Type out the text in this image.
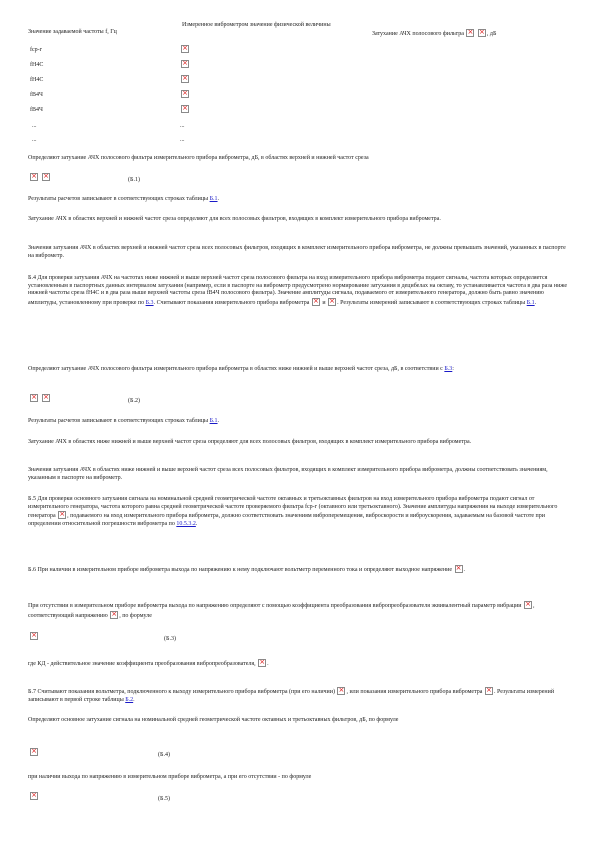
Значение задаваемой частоты f, Гц
Измеренное виброметром значение физической величины
Затухание АЧХ полосового фильтра × ×	, дБ
fср-г
fН4С
fН4С
fВ4Ч
fВ4Ч
...
...
×
×
×
×
×
...
...
Определяют затухание АЧХ полосового фильтра измерительного прибора виброметра, дБ, в областях верхней и нижней частот среза
×
×
(Б.1)
Результаты расчетов записывают в соответствующих строках таблицы Б.1.
Затухание АЧХ в областях верхней и нижней частот среза определяют для всех полосовых фильтров, входящих в комплект измерительного прибора виброметра.
Значения затухания АЧХ в областях верхней и нижней частот среза всех полосовых фильтров, входящих в комплект измерительного прибора виброметра, не должны превышать значений, указанных в паспорте на виброметр.
Б.4 Для проверки затухания АЧХ на частотах ниже нижней и выше верхней частот среза полосового фильтра на вход измерительного прибора виброметра подают сигналы, частота которых определяется установленным в паспортных данных интервалом затухания (например, если в паспорте на виброметр предусмотрено нормирование затухания в децибелах на октаву, то устанавливается частота в два раза ниже нижней частоты среза fН4С и в два раза выше верхней частоты среза fВ4Ч полосового фильтра). Значение амплитуды сигнала, подаваемого от измерительного генератора, должно быть равно значению амплитуды, установленному при проверке по Б.3. Считывают показания измерительного прибора виброметра × и ×. Результаты измерений записывают в соответствующих строках таблицы Б.1.
Определяют затухание АЧХ полосового фильтра измерительного прибора виброметра в областях ниже нижней и выше верхней частот среза, дБ, в соответствии с Б.3:
×
×
(Б.2)
Результаты расчетов записывают в соответствующих строках таблицы Б.1.
Затухание АЧХ в областях ниже нижней и выше верхней частот среза определяют для всех полосовых фильтров, входящих в комплект измерительного прибора виброметра.
Значения затухания АЧХ в областях ниже нижней и выше верхней частот среза всех полосовых фильтров, входящих в комплект измерительного прибора виброметра, должны соответствовать значениям, указанным в паспорте на виброметр.
Б.5 Для проверки основного затухания сигнала на номинальной средней геометрической частоте октавных и третьоктавных фильтров на вход измерительного прибора виброметра подают сигнал от измерительного генератора, частота которого равна средней геометрической частоте проверяемого фильтра fср-г (октавного или третьоктавного). Значение амплитуды напряжения на выходе измерительного генератора ×, подаваемого на вход измерительного прибора виброметра, должно соответствовать значениям виброперемещения, виброскорости и виброускорения, задаваемым на базовой частоте при определении относительной погрешности виброметра по 10.5.3.2.
Б.6 При наличии в измерительном приборе виброметра выхода по напряжению к нему подключают вольтметр переменного тока и определяют выходное напряжение ×.
При отсутствии в измерительном приборе виброметра выхода по напряжению определяют с помощью коэффициента преобразования вибропреобразователя эквивалентный параметр вибрации ×, соответствующий напряжению ×, по формуле
×
(Б.3)
где КД - действительное значение коэффициента преобразования вибропреобразователя, ×.
Б.7 Считывают показания вольтметра, подключенного к выходу измерительного прибора виброметра (при его наличии) ×, или показания измерительного прибора виброметра ×. Результаты измерений записывают в первой строке таблицы Б.2.
Определяют основное затухание сигнала на номинальной средней геометрической частоте октавных и третьоктавных фильтров, дБ, по формуле
×
(Б.4)
при наличии выхода по напряжению в измерительном приборе виброметра, а при его отсутствии - по формуле
×
(Б.5)
